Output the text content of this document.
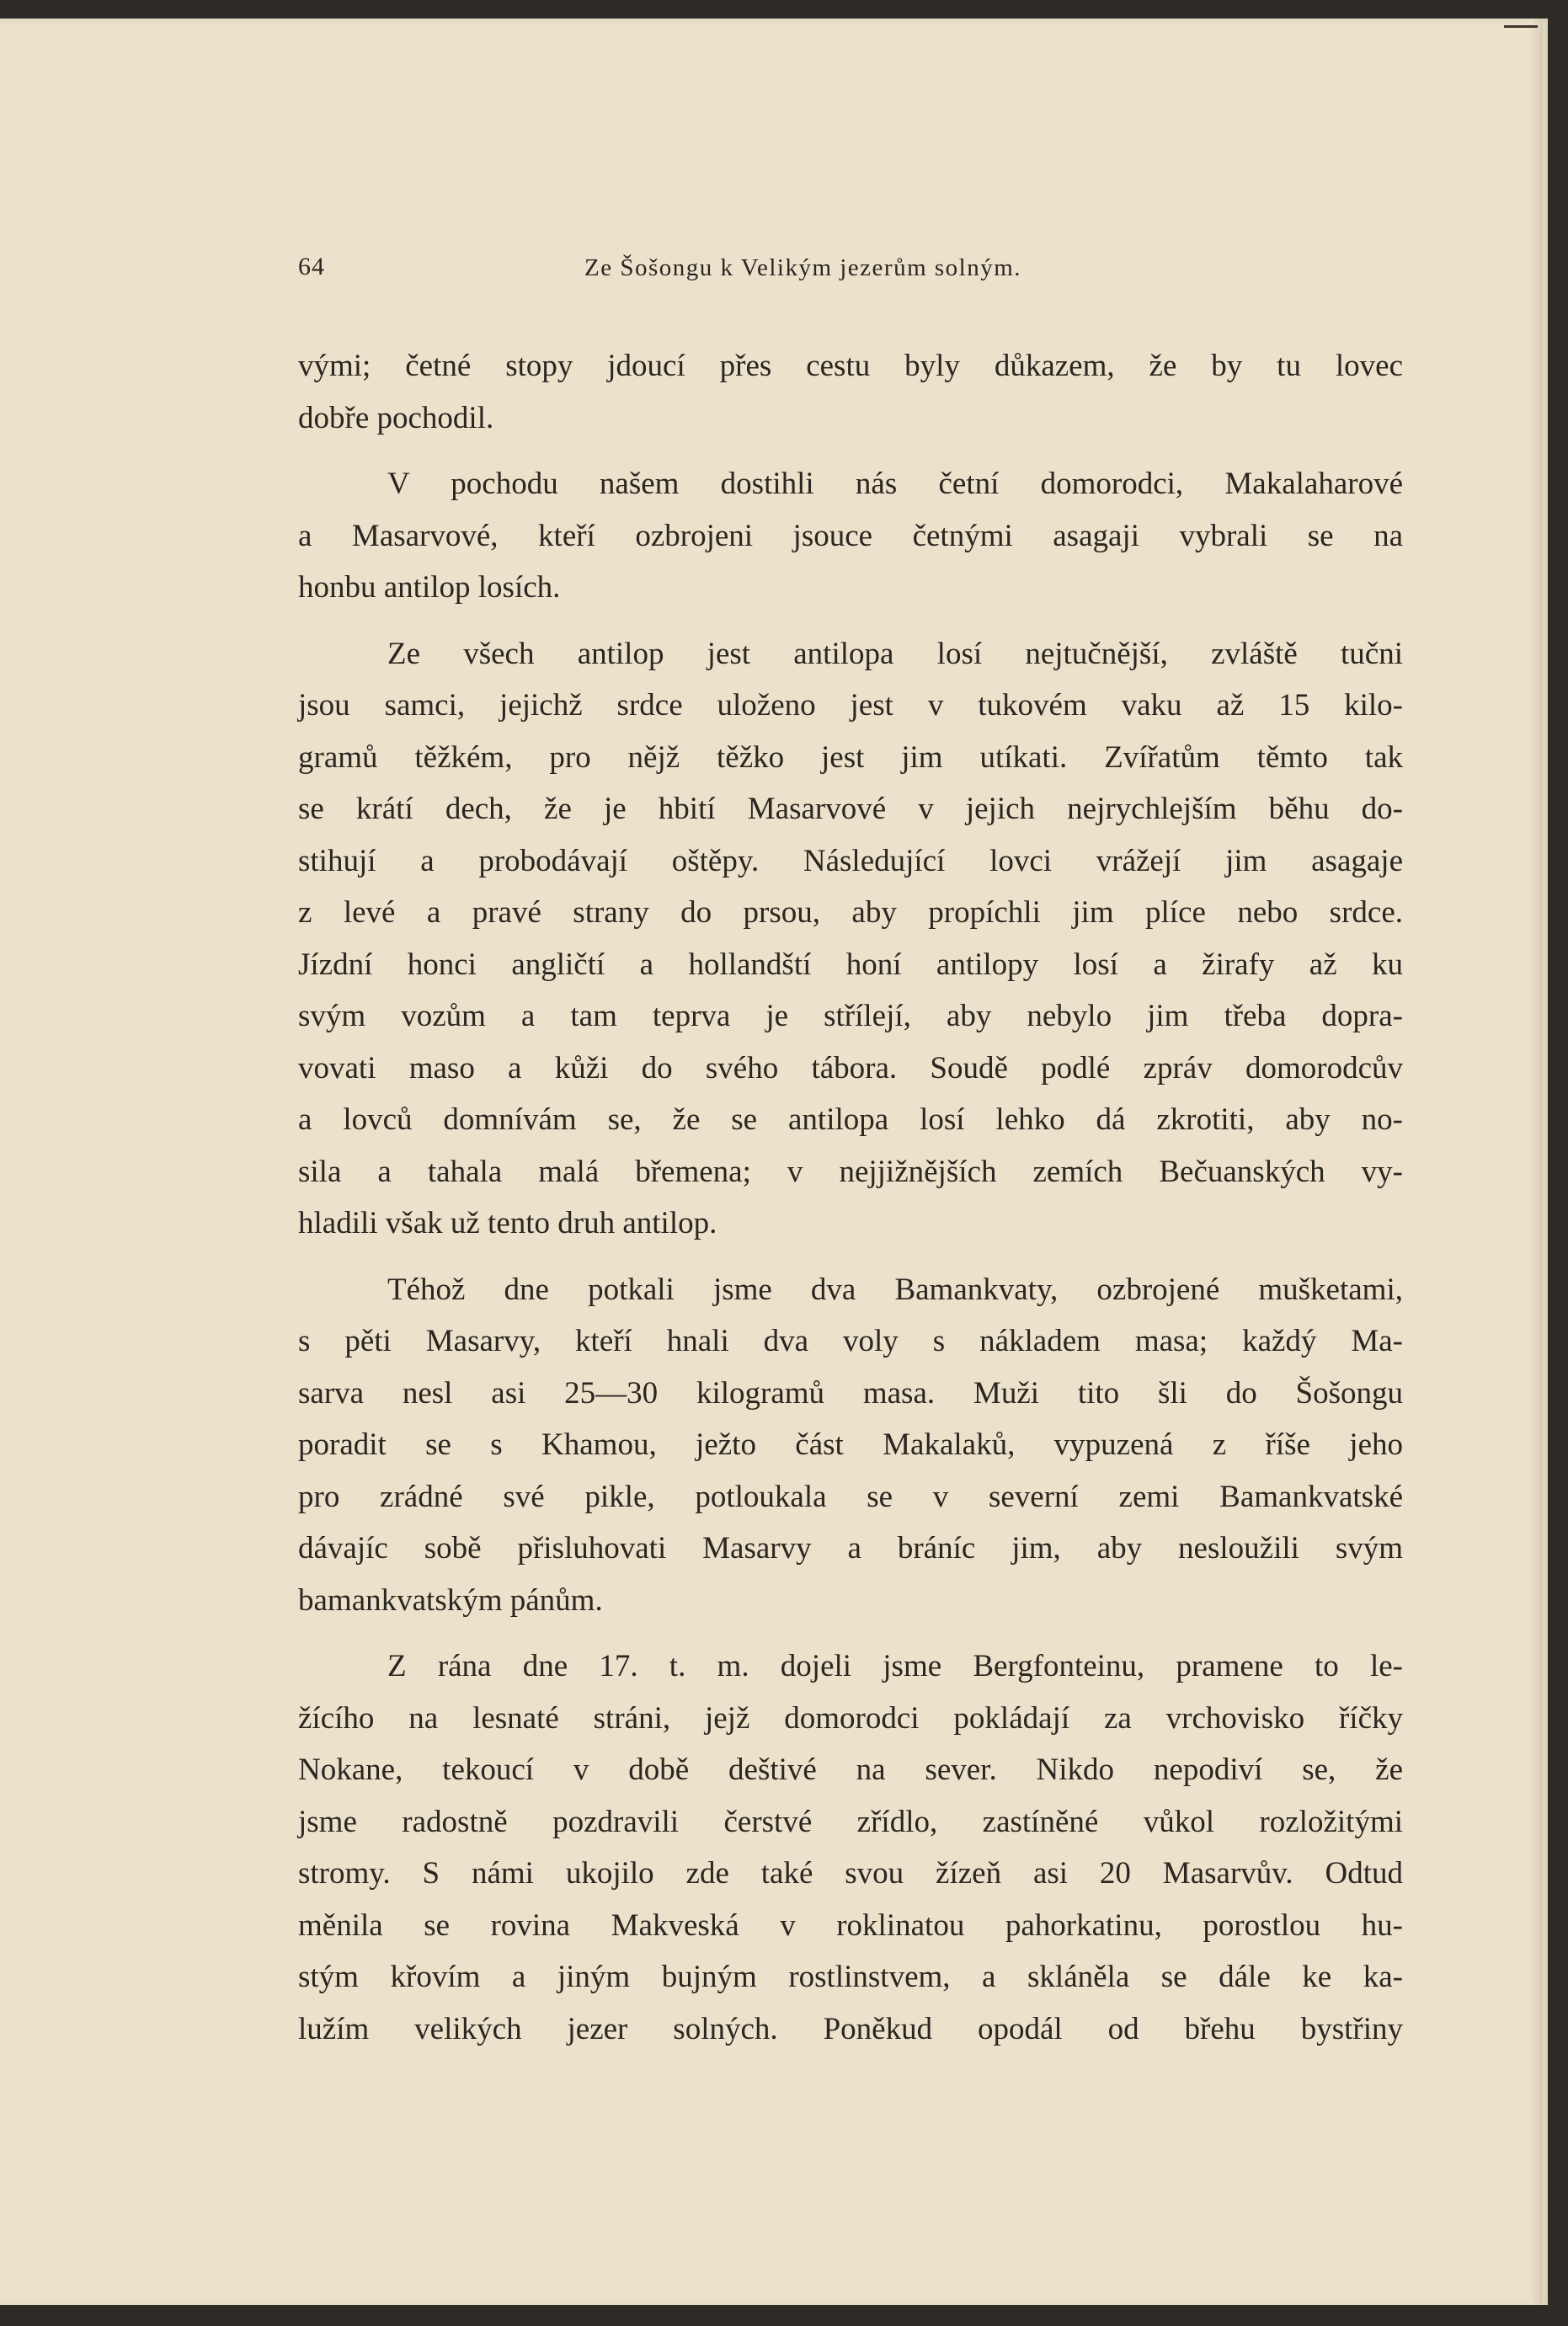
64	Ze Šošongu k Velikým jezerům solným.
vými; četné stopy jdoucí přes cestu byly důkazem, že by tu lovec
dobře pochodil.
V pochodu našem dostihli nás četní domorodci, Makalaharové
a Masarvové, kteří ozbrojeni jsouce četnými asagaji vybrali se na
honbu antilop losích.
Ze všech antilop jest antilopa losí nejtučnější, zvláště tučni
jsou samci, jejichž srdce uloženo jest v tukovém vaku až 15 kilo-
gramů těžkém, pro nějž těžko jest jim utíkati. Zvířatům těmto tak
se krátí dech, že je hbití Masarvové v jejich nejrychlejším běhu do-
stihují a probodávají oštěpy. Následující lovci vrážejí jim asagaje
z levé a pravé strany do prsou, aby propíchli jim plíce nebo srdce.
Jízdní honci angličtí a hollandští honí antilopy losí a žirafy až ku
svým vozům a tam teprva je střílejí, aby nebylo jim třeba dopra-
vovati maso a kůži do svého tábora. Soudě podlé zpráv domorodcův
a lovců domnívám se, že se antilopa losí lehko dá zkrotiti, aby no-
sila a tahala malá břemena; v nejjižnějších zemích Bečuanských vy-
hladili však už tento druh antilop.
Téhož dne potkali jsme dva Bamankvaty, ozbrojené mušketami,
s pěti Masarvy, kteří hnali dva voly s nákladem masa; každý Ma-
sarva nesl asi 25—30 kilogramů masa. Muži tito šli do Šošongu
poradit se s Khamou, ježto část Makalaků, vypuzená z říše jeho
pro zrádné své pikle, potloukala se v severní zemi Bamankvatské
dávajíc sobě přisluhovati Masarvy a bráníc jim, aby nesloužili svým
bamankvatským pánům.
Z rána dne 17. t. m. dojeli jsme Bergfonteinu, pramene to le-
žícího na lesnaté stráni, jejž domorodci pokládají za vrchovisko říčky
Nokane, tekoucí v době deštivé na sever. Nikdo nepodiví se, že
jsme radostně pozdravili čerstvé zřídlo, zastíněné vůkol rozložitými
stromy. S námi ukojilo zde také svou žízeň asi 20 Masarvův. Odtud
měnila se rovina Makveská v roklinatou pahorkatinu, porostlou hu-
stým křovím a jiným bujným rostlinstvem, a skláněla se dále ke ka-
lužím velikých jezer solných. Poněkud opodál od břehu bystřiny
